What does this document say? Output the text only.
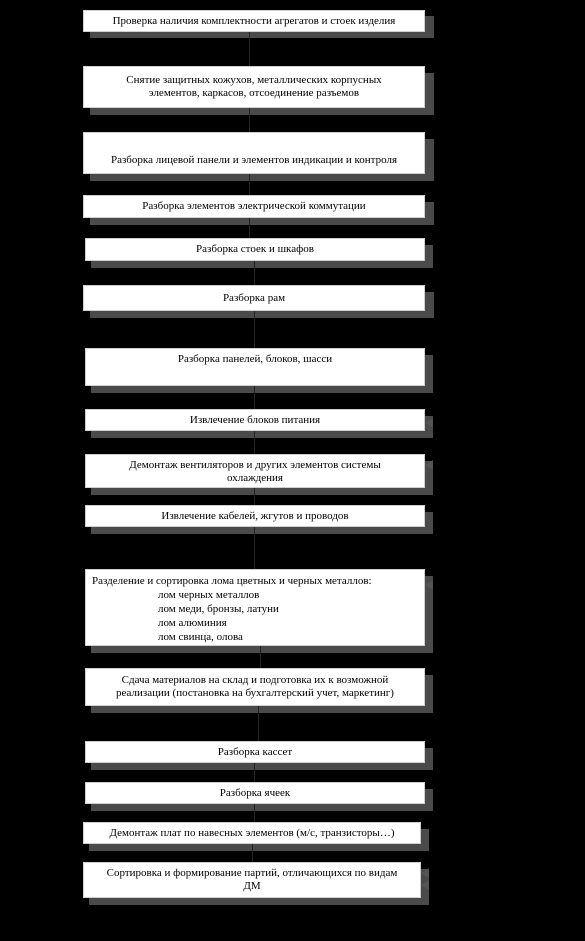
Проверка наличия комплектности агрегатов и стоек изделия
Снятие защитных кожухов, металлических корпусных
элементов, каркасов, отсоединение разъемов
Разборка лицевой панели и элементов индикации и контроля
Разборка элементов электрической коммутации
Разборка стоек и шкафов
Разборка рам
Разборка панелей, блоков, шасси
Извлечение блоков питания
Демонтаж вентиляторов и других элементов системы
охлаждения
Извлечение кабелей, жгутов и проводов
Разделение и сортировка лома цветных и черных металлов:
лом черных металлов
лом меди, бронзы, латуни
лом алюминия
лом свинца, олова
Сдача материалов на склад и подготовка их к возможной
реализации (постановка на бухгалтерский учет, маркетинг)
Разборка кассет
Разборка ячеек
Демонтаж плат по навесных элементов (м/с, транзисторы…)
Сортировка и формирование партий, отличающихся по видам
ДМ
